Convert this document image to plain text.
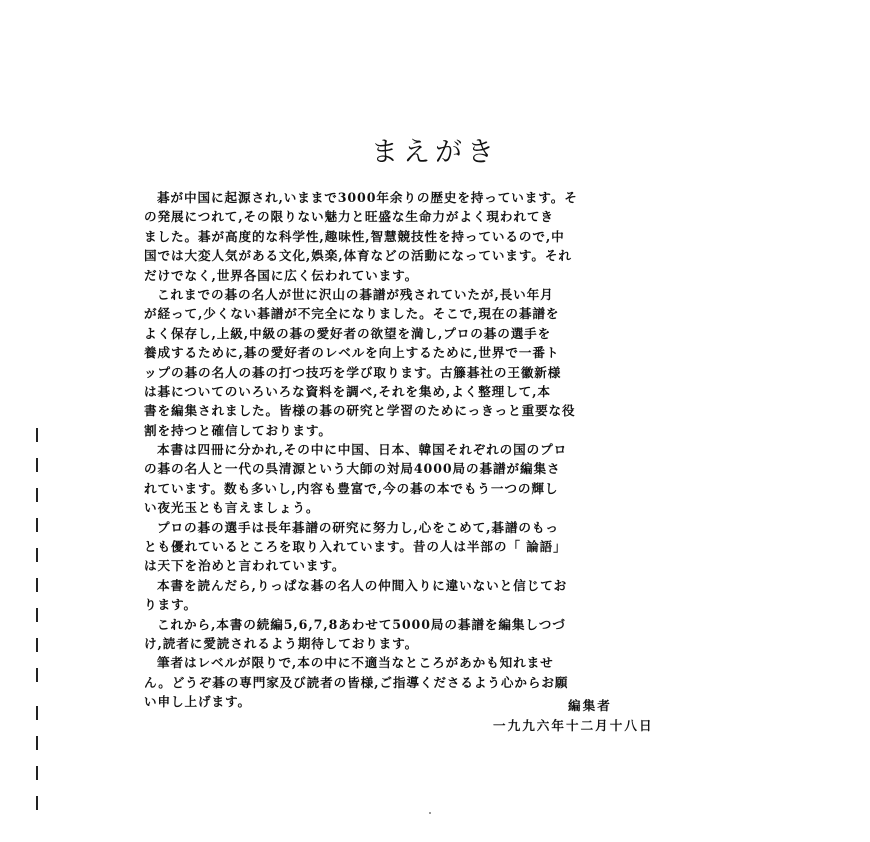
まえがき
碁が中国に起源され,いままで3000年余りの歴史を持っています。そ
の発展につれて,その限りない魅力と旺盛な生命力がよく現われてき
ました。碁が高度的な科学性,趣味性,智慧競技性を持っているので,中
国では大変人気がある文化,娯楽,体育などの活動になっています。それ
だけでなく,世界各国に広く伝われています。
これまでの碁の名人が世に沢山の碁譜が残されていたが,長い年月
が経って,少くない碁譜が不完全になりました。そこで,現在の碁譜を
よく保存し,上級,中級の碁の愛好者の欲望を満し,プロの碁の選手を
養成するために,碁の愛好者のレベルを向上するために,世界で一番ト
ップの碁の名人の碁の打つ技巧を学び取ります。古籐碁社の王徽新様
は碁についてのいろいろな資料を調べ,それを集め,よく整理して,本
書を編集されました。皆様の碁の研究と学習のためにっきっと重要な役
割を持つと確信しております。
本書は四冊に分かれ,その中に中国、日本、韓国それぞれの国のプロ
の碁の名人と一代の呉清源という大師の対局4000局の碁譜が編集さ
れています。数も多いし,内容も豊富で,今の碁の本でもう一つの輝し
い夜光玉とも言えましょう。
プロの碁の選手は長年碁譜の研究に努力し,心をこめて,碁譜のもっ
とも優れているところを取り入れています。昔の人は半部の「 論語」
は天下を治めと言われています。
本書を読んだら,りっぱな碁の名人の仲間入りに違いないと信じてお
ります。
これから,本書の続編5,6,7,8あわせて5000局の碁譜を編集しつづ
け,読者に愛読されるよう期待しております。
筆者はレベルが限りで,本の中に不適当なところがあかも知れませ
ん。どうぞ碁の専門家及び読者の皆様,ご指導くださるよう心からお願
い申し上げます。	編集者
一九九六年十二月十八日
